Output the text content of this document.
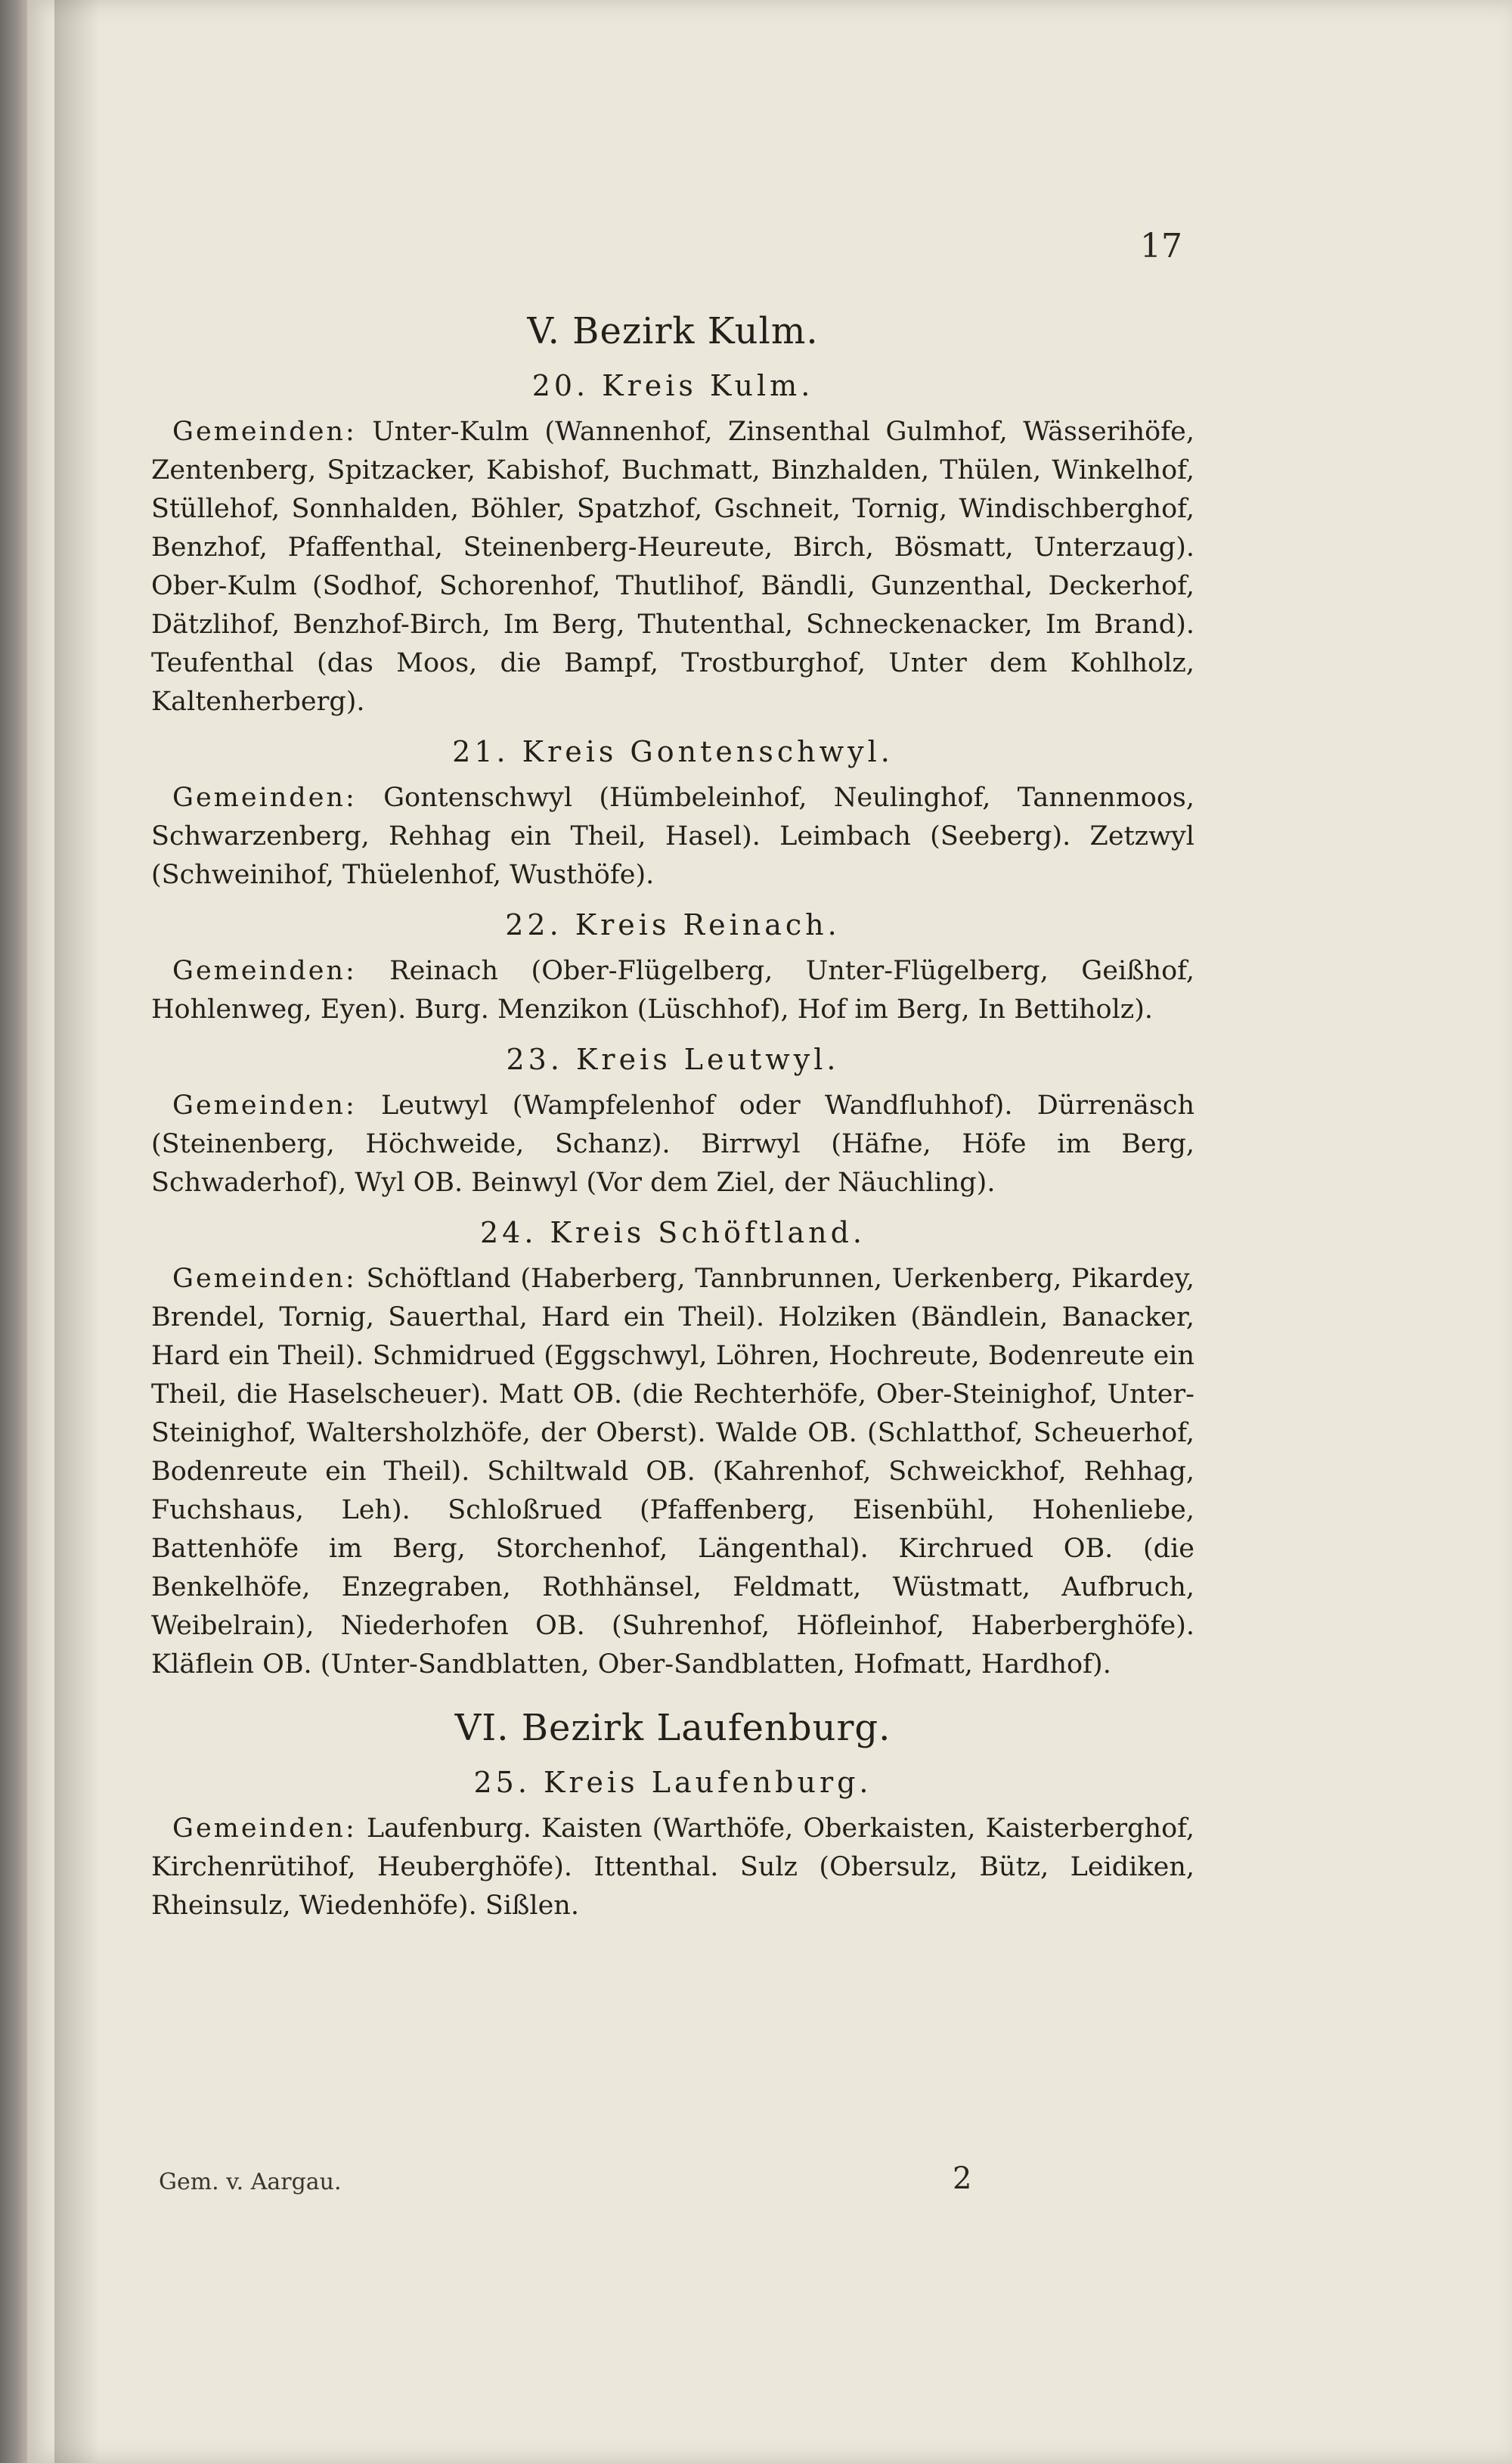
17
V. Bezirk Kulm.
20. Kreis Kulm.

Gemeinden: Unter-Kulm (Wannenhof, Zinsenthal Gulmhof, Wässerihöfe, Zentenberg, Spitzacker, Kabishof, Buchmatt, Binzhalden, Thülen, Winkelhof, Stüllehof, Sonnhalden, Böhler, Spatzhof, Gschneit, Tornig, Windischberghof, Benzhof, Pfaffenthal, Steinenberg-Heureute, Birch, Bösmatt, Unterzaug). Ober-Kulm (Sodhof, Schorenhof, Thutlihof, Bändli, Gunzenthal, Deckerhof, Dätzlihof, Benzhof-Birch, Im Berg, Thutenthal, Schneckenacker, Im Brand). Teufenthal (das Moos, die Bampf, Trostburghof, Unter dem Kohlholz, Kaltenherberg).

21. Kreis Gontenschwyl.

Gemeinden: Gontenschwyl (Hümbeleinhof, Neulinghof, Tannenmoos, Schwarzenberg, Rehhag ein Theil, Hasel). Leimbach (Seeberg). Zetzwyl (Schweinihof, Thüelenhof, Wusthöfe).

22. Kreis Reinach.

Gemeinden: Reinach (Ober-Flügelberg, Unter-Flügelberg, Geißhof, Hohlenweg, Eyen). Burg. Menzikon (Lüschhof), Hof im Berg, In Bettiholz).

23. Kreis Leutwyl.

Gemeinden: Leutwyl (Wampfelenhof oder Wandfluhhof). Dürrenäsch (Steinenberg, Höchweide, Schanz). Birrwyl (Häfne, Höfe im Berg, Schwaderhof), Wyl OB. Beinwyl (Vor dem Ziel, der Näuchling).

24. Kreis Schöftland.

Gemeinden: Schöftland (Haberberg, Tannbrunnen, Uerkenberg, Pikardey, Brendel, Tornig, Sauerthal, Hard ein Theil). Holziken (Bändlein, Banacker, Hard ein Theil). Schmidrued (Eggschwyl, Löhren, Hochreute, Bodenreute ein Theil, die Haselscheuer). Matt OB. (die Rechterhöfe, Ober-Steinighof, Unter-Steinighof, Waltersholzhöfe, der Oberst). Walde OB. (Schlatthof, Scheuerhof, Bodenreute ein Theil). Schiltwald OB. (Kahrenhof, Schweickhof, Rehhag, Fuchshaus, Leh). Schloßrued (Pfaffenberg, Eisenbühl, Hohenliebe, Battenhöfe im Berg, Storchenhof, Längenthal). Kirchrued OB. (die Benkelhöfe, Enzegraben, Rothhänsel, Feldmatt, Wüstmatt, Aufbruch, Weibelrain), Niederhofen OB. (Suhrenhof, Höfleinhof, Haberberghöfe). Kläflein OB. (Unter-Sandblatten, Ober-Sandblatten, Hofmatt, Hardhof).

VI. Bezirk Laufenburg.
25. Kreis Laufenburg.

Gemeinden: Laufenburg. Kaisten (Warthöfe, Oberkaisten, Kaisterberghof, Kirchenrütihof, Heuberghöfe). Ittenthal. Sulz (Obersulz, Bütz, Leidiken, Rheinsulz, Wiedenhöfe). Sißlen.

Gem. v. Aargau.	2
